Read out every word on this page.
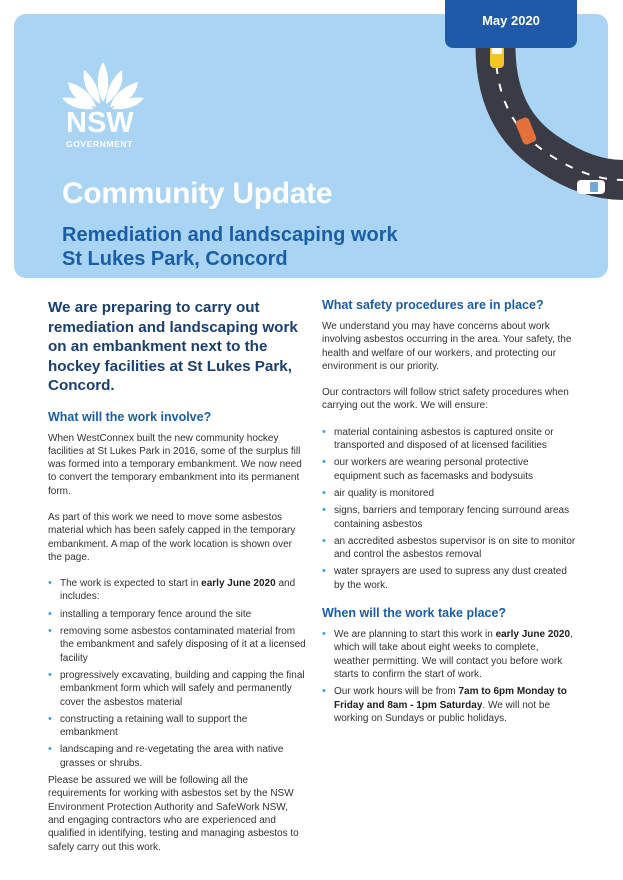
NSW
GOVERNMENT
Community Update
Remediation and landscaping work
St Lukes Park, Concord
May 2020
We are preparing to carry out remediation and landscaping work on an embankment next to the hockey facilities at St Lukes Park, Concord.
What will the work involve?

When WestConnex built the new community hockey facilities at St Lukes Park in 2016, some of the surplus fill was formed into a temporary embankment. We now need to convert the temporary embankment into its permanent form.

As part of this work we need to move some asbestos material which has been safely capped in the temporary embankment. A map of the work location is shown over the page.

• The work is expected to start in early June 2020 and includes:
• installing a temporary fence around the site
• removing some asbestos contaminated material from the embankment and safely disposing of it at a licensed facility
• progressively excavating, building and capping the final embankment form which will safely and permanently cover the asbestos material
• constructing a retaining wall to support the embankment
• landscaping and re-vegetating the area with native grasses or shrubs.

Please be assured we will be following all the requirements for working with asbestos set by the NSW Environment Protection Authority and SafeWork NSW, and engaging contractors who are experienced and qualified in identifying, testing and managing asbestos to safely carry out this work.

What safety procedures are in place?

We understand you may have concerns about work involving asbestos occurring in the area. Your safety, the health and welfare of our workers, and protecting our environment is our priority.

Our contractors will follow strict safety procedures when carrying out the work. We will ensure:

• material containing asbestos is captured onsite or transported and disposed of at licensed facilities
• our workers are wearing personal protective equipment such as facemasks and bodysuits
• air quality is monitored
• signs, barriers and temporary fencing surround areas containing asbestos
• an accredited asbestos supervisor is on site to monitor and control the asbestos removal
• water sprayers are used to supress any dust created by the work.
When will the work take place?
• We are planning to start this work in early June 2020, which will take about eight weeks to complete, weather permitting. We will contact you before work starts to confirm the start of work.
• Our work hours will be from 7am to 6pm Monday to Friday and 8am - 1pm Saturday. We will not be working on Sundays or public holidays.
